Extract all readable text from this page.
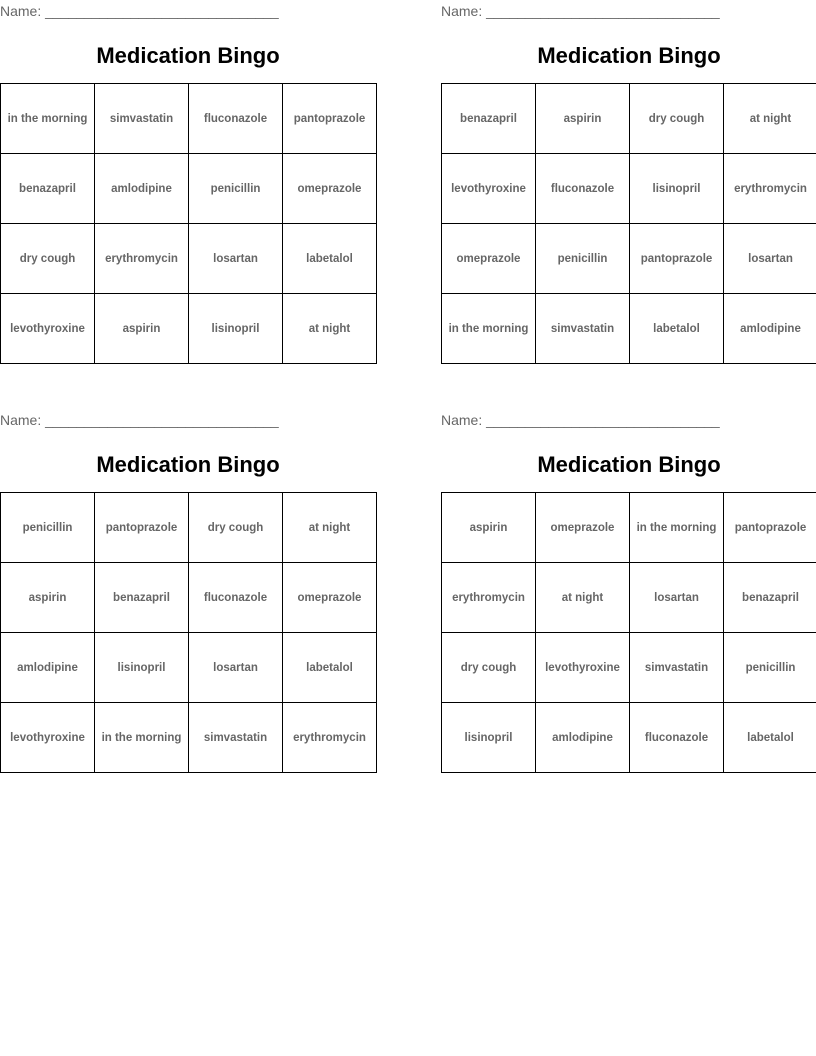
Name: ______________________________
Medication Bingo
in the morning	simvastatin	fluconazole	pantoprazole
benazapril	amlodipine	penicillin	omeprazole
dry cough	erythromycin	losartan	labetalol
levothyroxine	aspirin	lisinopril	at night
Name: ______________________________
Medication Bingo
benazapril	aspirin	dry cough	at night
levothyroxine	fluconazole	lisinopril	erythromycin
omeprazole	penicillin	pantoprazole	losartan
in the morning	simvastatin	labetalol	amlodipine
Name: ______________________________
Medication Bingo
penicillin	pantoprazole	dry cough	at night
aspirin	benazapril	fluconazole	omeprazole
amlodipine	lisinopril	losartan	labetalol
levothyroxine	in the morning	simvastatin	erythromycin
Name: ______________________________
Medication Bingo
aspirin	omeprazole	in the morning	pantoprazole
erythromycin	at night	losartan	benazapril
dry cough	levothyroxine	simvastatin	penicillin
lisinopril	amlodipine	fluconazole	labetalol
